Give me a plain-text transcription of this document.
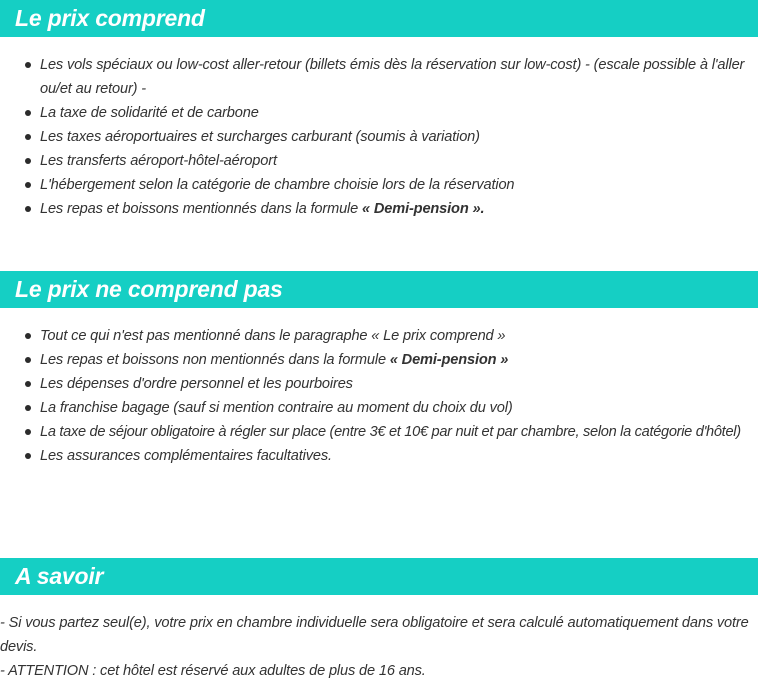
Le prix comprend
Les vols spéciaux ou low-cost aller-retour (billets émis dès la réservation sur low-cost) - (escale possible à l'aller ou/et au retour) -
La taxe de solidarité et de carbone
Les taxes aéroportuaires et surcharges carburant (soumis à variation)
Les transferts aéroport-hôtel-aéroport
L'hébergement selon la catégorie de chambre choisie lors de la réservation
Les repas et boissons mentionnés dans la formule « Demi-pension ».
Le prix ne comprend pas
Tout ce qui n'est pas mentionné dans le paragraphe « Le prix comprend »
Les repas et boissons non mentionnés dans la formule « Demi-pension »
Les dépenses d'ordre personnel et les pourboires
La franchise bagage (sauf si mention contraire au moment du choix du vol)
La taxe de séjour obligatoire à régler sur place (entre 3€ et 10€ par nuit et par chambre, selon la catégorie d'hôtel)
Les assurances complémentaires facultatives.
A savoir

- Si vous partez seul(e), votre prix en chambre individuelle sera obligatoire et sera calculé automatiquement dans votre devis.

- ATTENTION : cet hôtel est réservé aux adultes de plus de 16 ans.
